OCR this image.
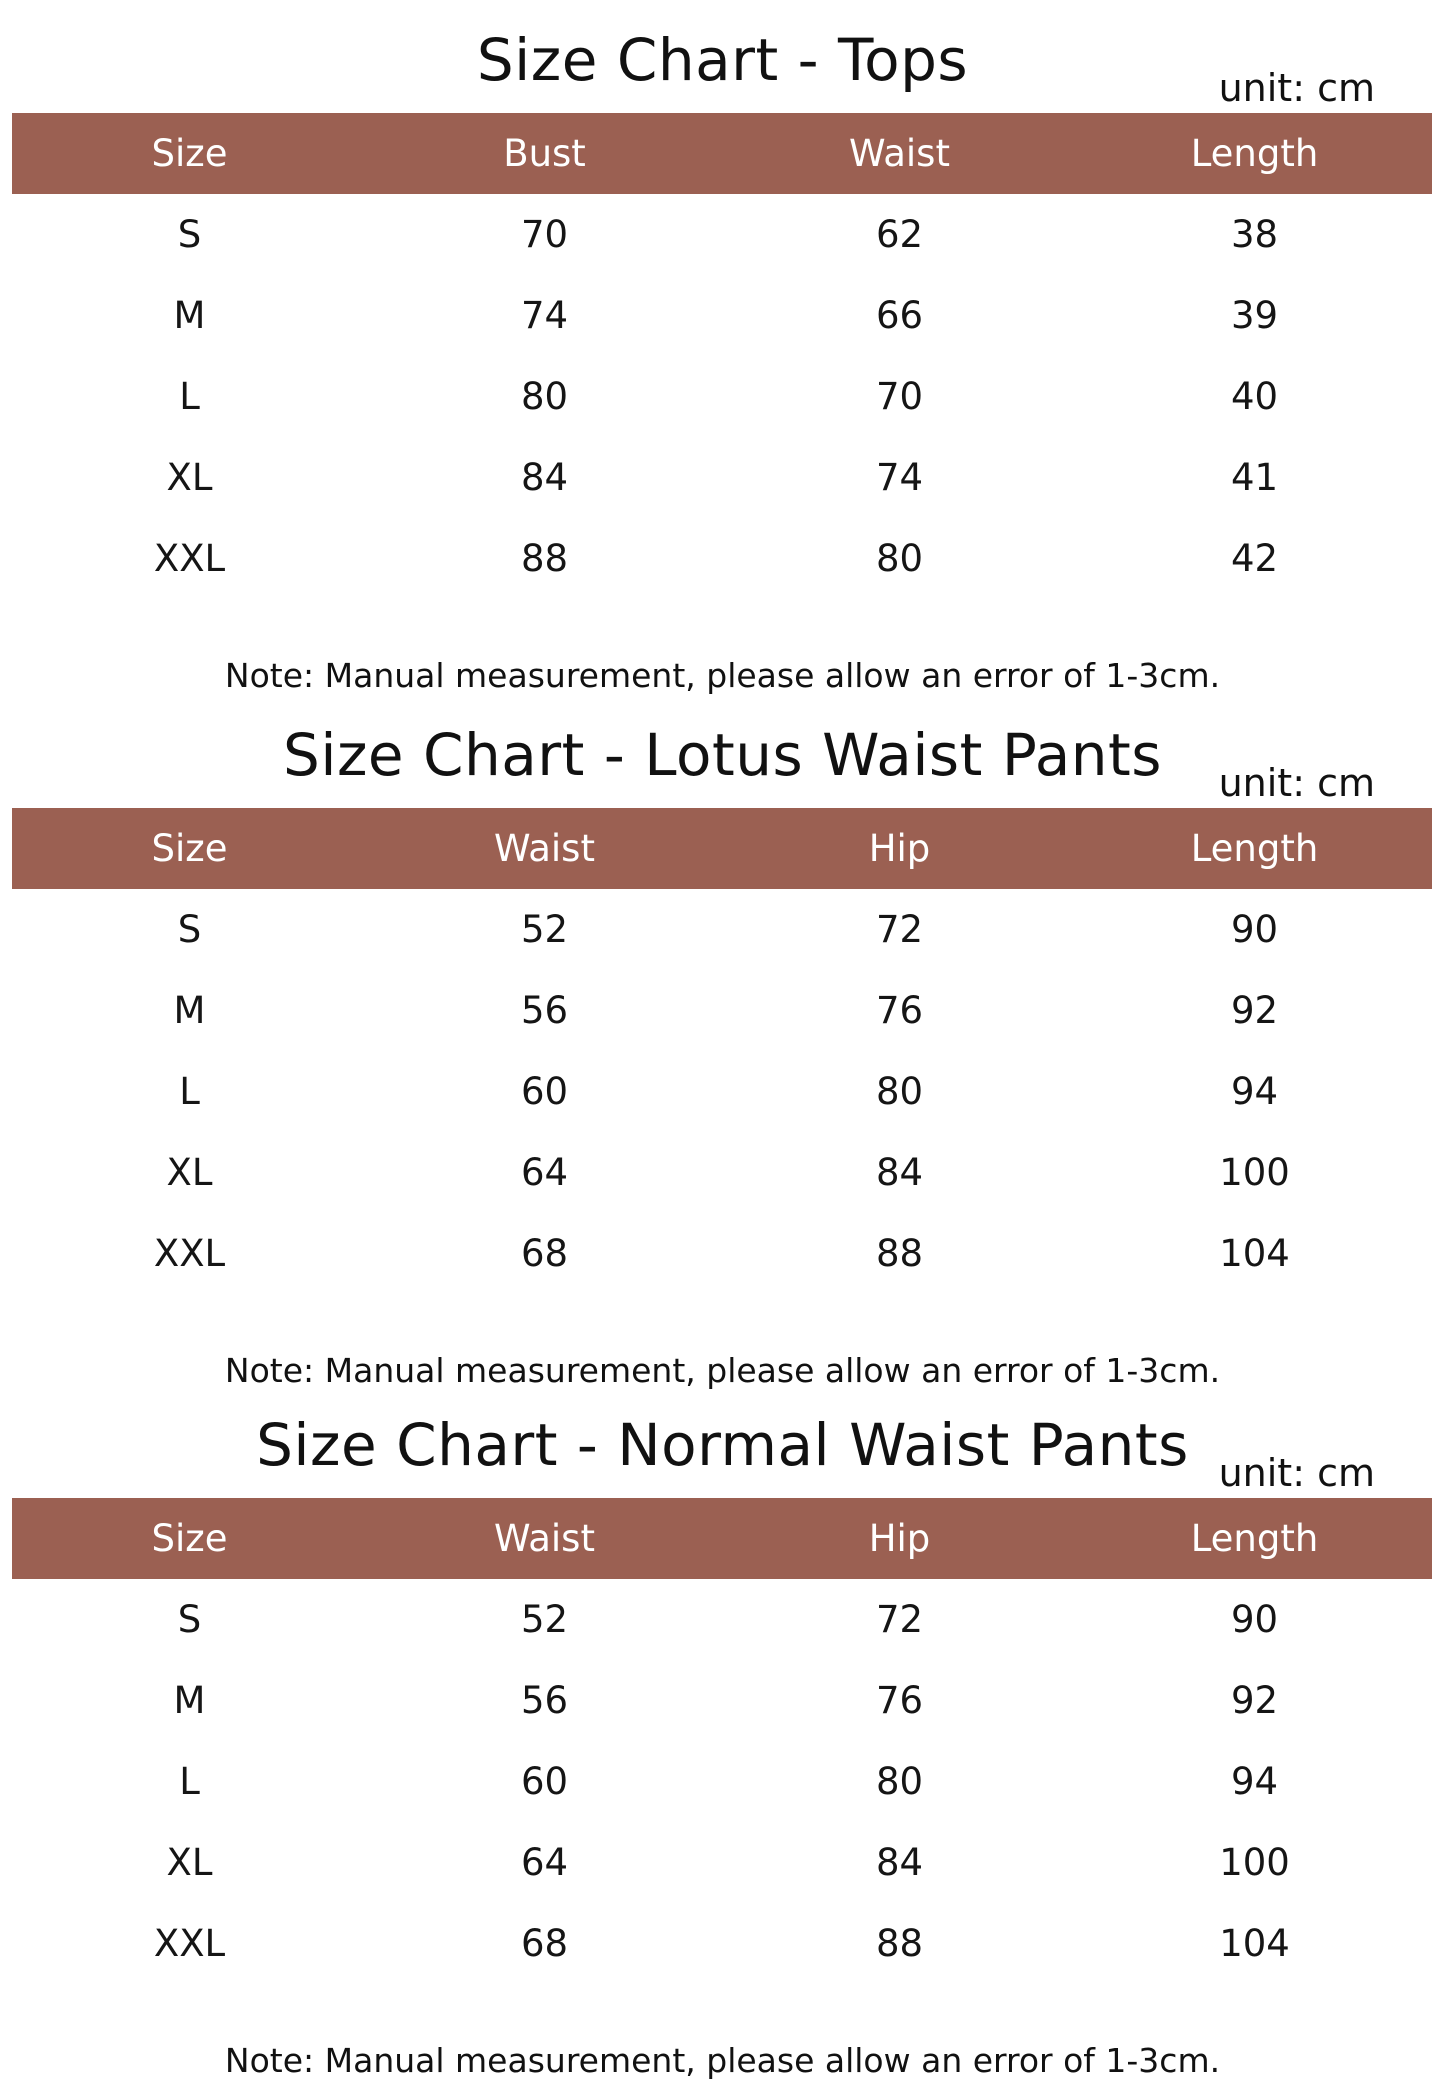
Size Chart - Tops	unit: cm
Size	Bust	Waist	Length
S	70	62	38
M	74	66	39
L	80	70	40
XL	84	74	41
XXL	88	80	42

Note: Manual measurement, please allow an error of 1-3cm.

Size Chart - Lotus Waist Pants	unit: cm
Size	Waist	Hip	Length
S	52	72	90
M	56	76	92
L	60	80	94
XL	64	84	100
XXL	68	88	104

Note: Manual measurement, please allow an error of 1-3cm.

Size Chart - Normal Waist Pants unit: cm
Size	Waist	Hip	Length
S	52	72	90
M	56	76	92
L	60	80	94
XL	64	84	100
XXL	68	88	104

Note: Manual measurement, please allow an error of 1-3cm.
